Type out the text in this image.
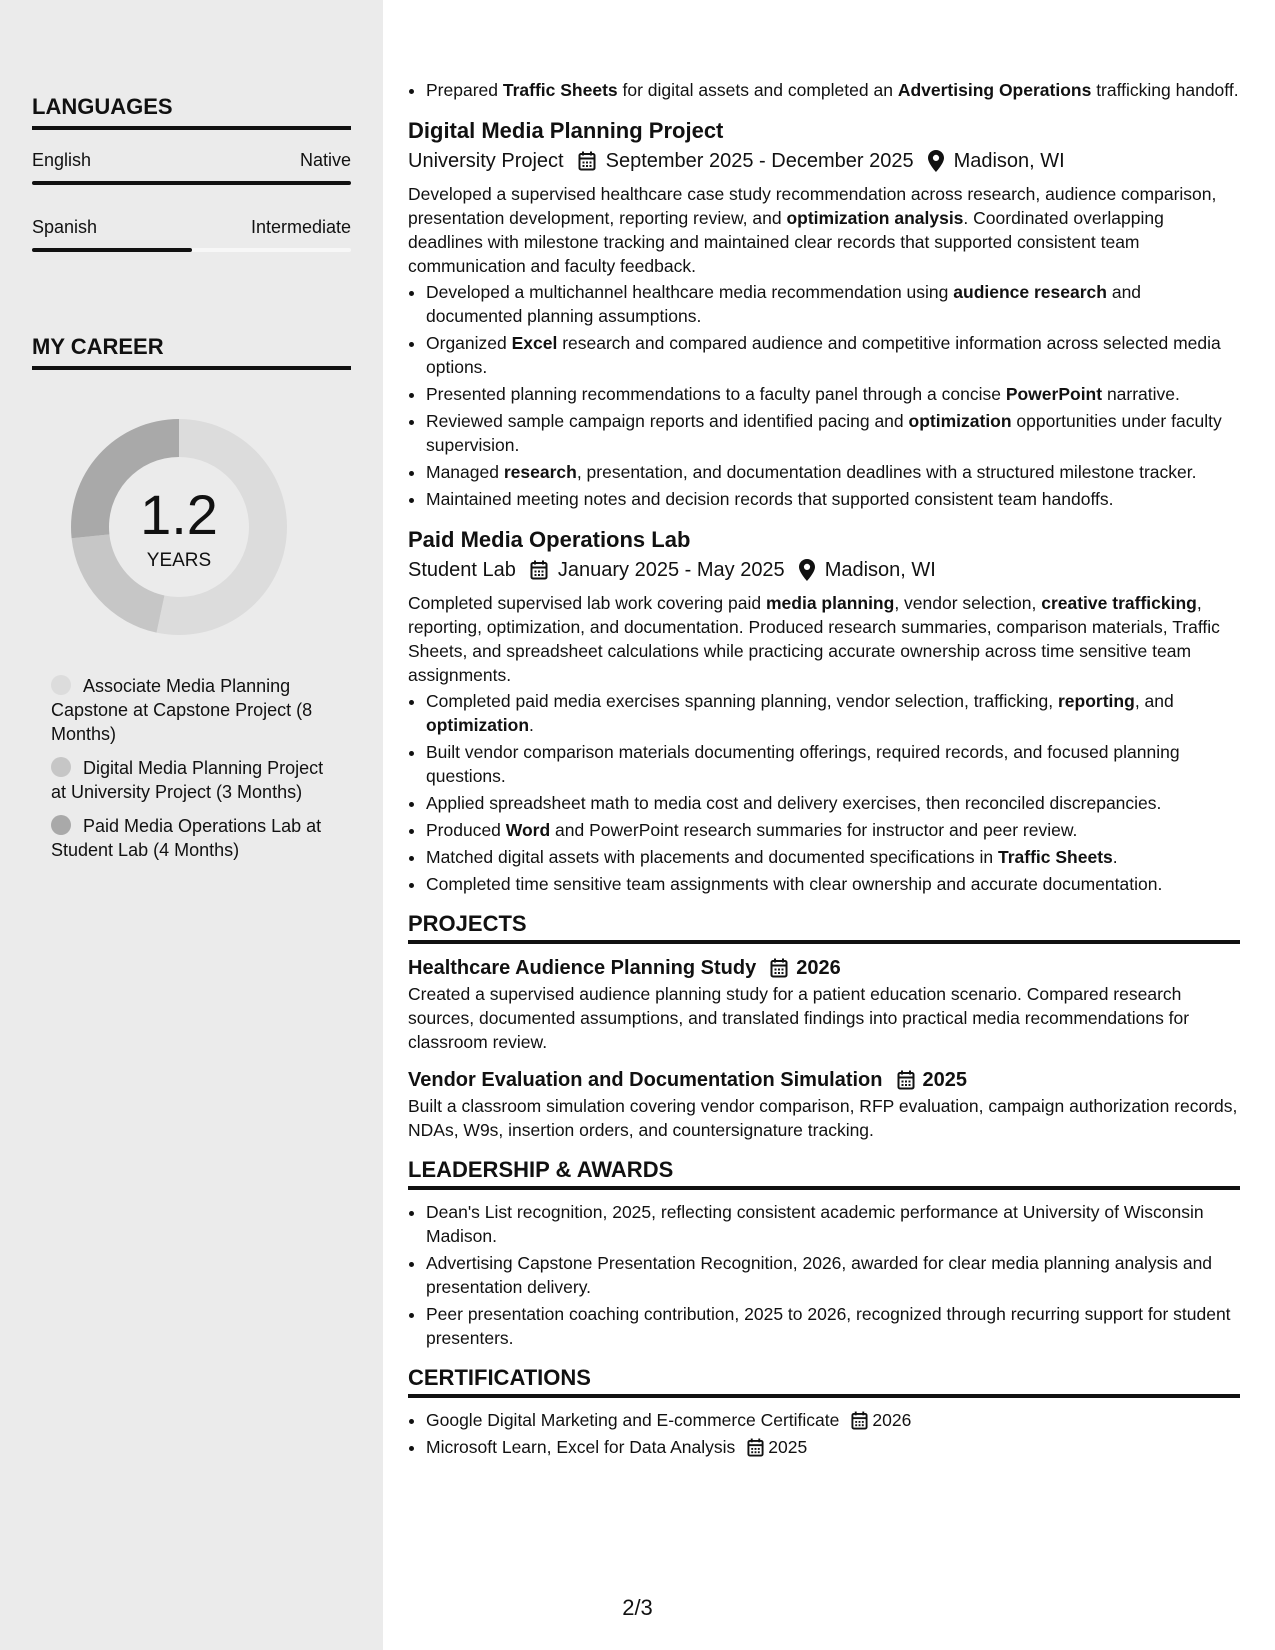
LANGUAGES
English	Native
Spanish	Intermediate
MY CAREER
1.2
YEARS
Associate Media Planning Capstone at Capstone Project (8 Months)
Digital Media Planning Project at University Project (3 Months)
Paid Media Operations Lab at Student Lab (4 Months)
• Prepared Traffic Sheets for digital assets and completed an Advertising Operations trafficking handoff.
Digital Media Planning Project
University Project September 2025 - December 2025 Madison, WI
Developed a supervised healthcare case study recommendation across research, audience comparison, presentation development, reporting review, and optimization analysis. Coordinated overlapping deadlines with milestone tracking and maintained clear records that supported consistent team communication and faculty feedback.
• Developed a multichannel healthcare media recommendation using audience research and documented planning assumptions.
• Organized Excel research and compared audience and competitive information across selected media options.
• Presented planning recommendations to a faculty panel through a concise PowerPoint narrative.
• Reviewed sample campaign reports and identified pacing and optimization opportunities under faculty supervision.
• Managed research, presentation, and documentation deadlines with a structured milestone tracker.
• Maintained meeting notes and decision records that supported consistent team handoffs.
Paid Media Operations Lab
Student Lab January 2025 - May 2025 Madison, WI
Completed supervised lab work covering paid media planning, vendor selection, creative trafficking, reporting, optimization, and documentation. Produced research summaries, comparison materials, Traffic Sheets, and spreadsheet calculations while practicing accurate ownership across time sensitive team assignments.
• Completed paid media exercises spanning planning, vendor selection, trafficking, reporting, and optimization.
• Built vendor comparison materials documenting offerings, required records, and focused planning questions.
• Applied spreadsheet math to media cost and delivery exercises, then reconciled discrepancies.
• Produced Word and PowerPoint research summaries for instructor and peer review.
• Matched digital assets with placements and documented specifications in Traffic Sheets.
• Completed time sensitive team assignments with clear ownership and accurate documentation.
PROJECTS
Healthcare Audience Planning Study 2026
Created a supervised audience planning study for a patient education scenario. Compared research sources, documented assumptions, and translated findings into practical media recommendations for classroom review.
Vendor Evaluation and Documentation Simulation 2025
Built a classroom simulation covering vendor comparison, RFP evaluation, campaign authorization records, NDAs, W9s, insertion orders, and countersignature tracking.
LEADERSHIP & AWARDS
• Dean's List recognition, 2025, reflecting consistent academic performance at University of Wisconsin Madison.
• Advertising Capstone Presentation Recognition, 2026, awarded for clear media planning analysis and presentation delivery.
• Peer presentation coaching contribution, 2025 to 2026, recognized through recurring support for student presenters.
CERTIFICATIONS
• Google Digital Marketing and E-commerce Certificate 2026
• Microsoft Learn, Excel for Data Analysis 2025
2/3
